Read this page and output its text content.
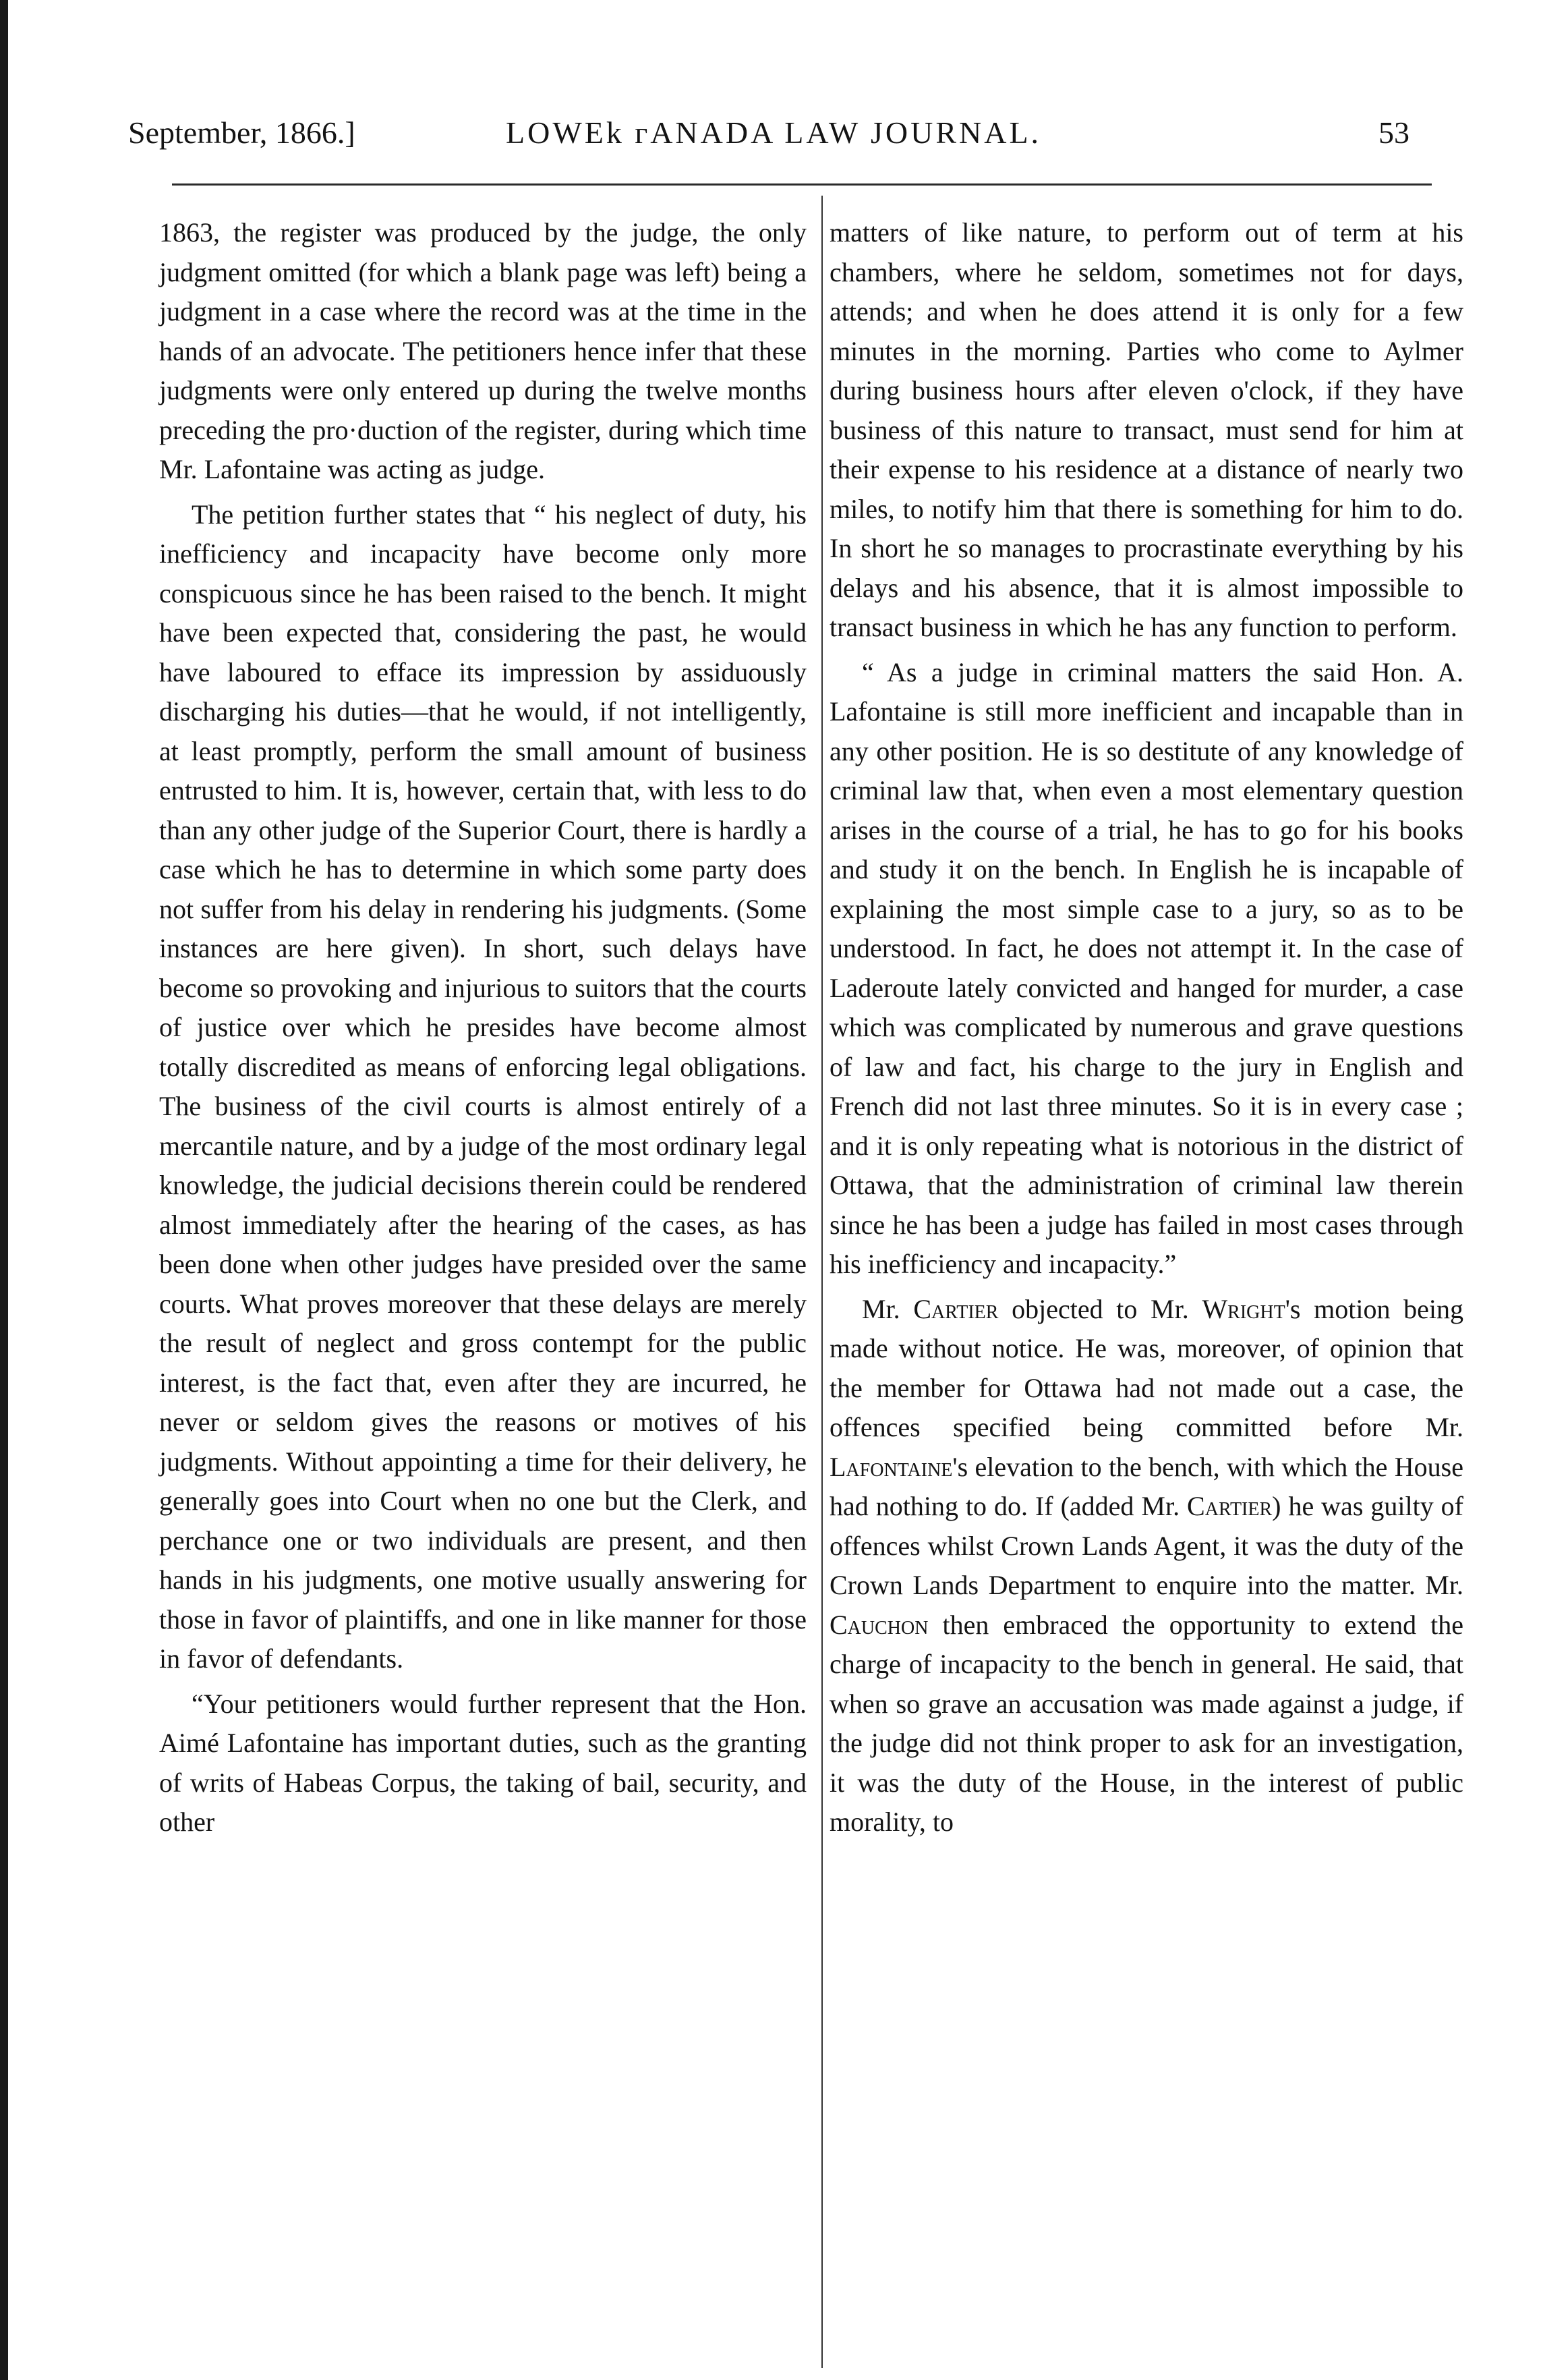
September, 1866.]	LOWEk ᴦANADA LAW JOURNAL.	53

1863, the register was produced by the judge, the only judgment omitted (for which a blank page was left) being a judgment in a case where the record was at the time in the hands of an advocate. The petitioners hence infer that these judgments were only entered up during the twelve months preceding the pro·duction of the register, during which time Mr. Lafontaine was acting as judge.

The petition further states that “ his neglect of duty, his inefficiency and incapacity have become only more conspicuous since he has been raised to the bench. It might have been expected that, considering the past, he would have laboured to efface its impression by assiduously discharging his duties—that he would, if not intelligently, at least promptly, perform the small amount of business entrusted to him. It is, however, certain that, with less to do than any other judge of the Superior Court, there is hardly a case which he has to determine in which some party does not suffer from his delay in rendering his judgments. (Some instances are here given). In short, such delays have become so provoking and injurious to suitors that the courts of justice over which he presides have become almost totally discredited as means of enforcing legal obligations. The business of the civil courts is almost entirely of a mercantile nature, and by a judge of the most ordinary legal knowledge, the judicial decisions therein could be rendered almost immediately after the hearing of the cases, as has been done when other judges have presided over the same courts. What proves moreover that these delays are merely the result of neglect and gross contempt for the public interest, is the fact that, even after they are incurred, he never or seldom gives the reasons or motives of his judgments. Without appointing a time for their delivery, he generally goes into Court when no one but the Clerk, and perchance one or two individuals are present, and then hands in his judgments, one motive usually answering for those in favor of plaintiffs, and one in like manner for those in favor of defendants.

“Your petitioners would further represent that the Hon. Aimé Lafontaine has important duties, such as the granting of writs of Habeas Corpus, the taking of bail, security, and other

matters of like nature, to perform out of term at his chambers, where he seldom, sometimes not for days, attends; and when he does attend it is only for a few minutes in the morning. Parties who come to Aylmer during business hours after eleven o'clock, if they have business of this nature to transact, must send for him at their expense to his residence at a distance of nearly two miles, to notify him that there is something for him to do. In short he so manages to procrastinate everything by his delays and his absence, that it is almost impossible to transact business in which he has any function to perform.

“ As a judge in criminal matters the said Hon. A. Lafontaine is still more inefficient and incapable than in any other position. He is so destitute of any knowledge of criminal law that, when even a most elementary question arises in the course of a trial, he has to go for his books and study it on the bench. In English he is incapable of explaining the most simple case to a jury, so as to be understood. In fact, he does not attempt it. In the case of Laderoute lately convicted and hanged for murder, a case which was complicated by numerous and grave questions of law and fact, his charge to the jury in English and French did not last three minutes. So it is in every case ; and it is only repeating what is notorious in the district of Ottawa, that the administration of criminal law therein since he has been a judge has failed in most cases through his inefficiency and incapacity.”

Mr. Cartier objected to Mr. Wright's motion being made without notice. He was, moreover, of opinion that the member for Ottawa had not made out a case, the offences specified being committed before Mr. Lafontaine's elevation to the bench, with which the House had nothing to do. If (added Mr. Cartier) he was guilty of offences whilst Crown Lands Agent, it was the duty of the Crown Lands Department to enquire into the matter. Mr. Cauchon then embraced the opportunity to extend the charge of incapacity to the bench in general. He said, that when so grave an accusation was made against a judge, if the judge did not think proper to ask for an investigation, it was the duty of the House, in the interest of public morality, to
